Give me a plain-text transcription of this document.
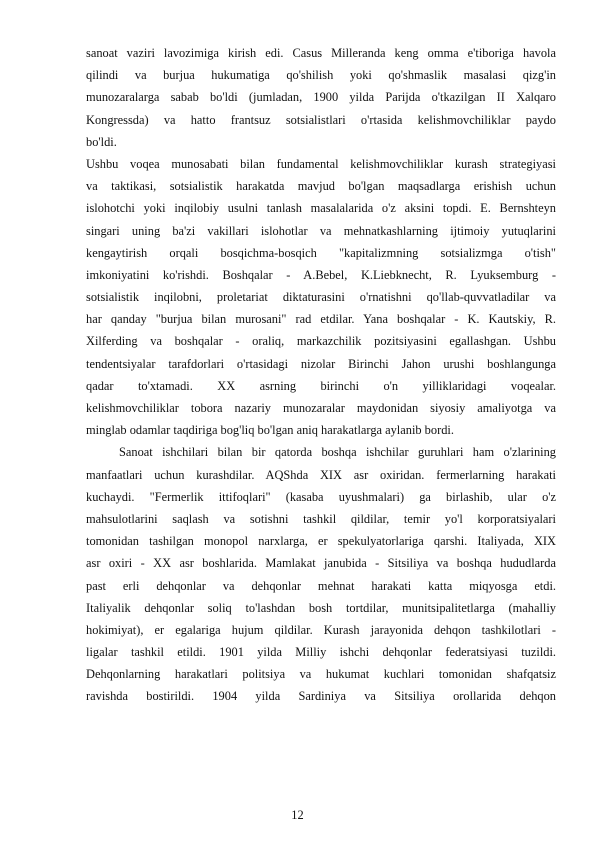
sanoat vaziri lavozimiga kirish edi. Casus Milleranda keng omma e'tiboriga havola
qilindi va burjua hukumatiga qo'shilish yoki qo'shmaslik masalasi qizg'in
munozaralarga sabab bo'ldi (jumladan, 1900 yilda Parijda o'tkazilgan II Xalqaro
Kongressda) va hatto frantsuz sotsialistlari o'rtasida kelishmovchiliklar paydo
bo'ldi.
Ushbu voqea munosabati bilan fundamental kelishmovchiliklar kurash strategiyasi
va taktikasi, sotsialistik harakatda mavjud bo'lgan maqsadlarga erishish uchun
islohotchi yoki inqilobiy usulni tanlash masalalarida o'z aksini topdi. E. Bernshteyn
singari uning ba'zi vakillari islohotlar va mehnatkashlarning ijtimoiy yutuqlarini
kengaytirish orqali bosqichma-bosqich "kapitalizmning sotsializmga o'tish"
imkoniyatini ko'rishdi. Boshqalar - A.Bebel, K.Liebknecht, R. Lyuksemburg -
sotsialistik inqilobni, proletariat diktaturasini o'rnatishni qo'llab-quvvatladilar va
har qanday "burjua bilan murosani" rad etdilar. Yana boshqalar - K. Kautskiy, R.
Xilferding va boshqalar - oraliq, markazchilik pozitsiyasini egallashgan. Ushbu
tendentsiyalar tarafdorlari o'rtasidagi nizolar Birinchi Jahon urushi boshlangunga
qadar to'xtamadi. XX asrning birinchi o'n yilliklaridagi voqealar.
kelishmovchiliklar tobora nazariy munozaralar maydonidan siyosiy amaliyotga va
minglab odamlar taqdiriga bog'liq bo'lgan aniq harakatlarga aylanib bordi.
Sanoat ishchilari bilan bir qatorda boshqa ishchilar guruhlari ham o'zlarining
manfaatlari uchun kurashdilar. AQShda XIX asr oxiridan. fermerlarning harakati
kuchaydi. "Fermerlik ittifoqlari" (kasaba uyushmalari) ga birlashib, ular o'z
mahsulotlarini saqlash va sotishni tashkil qildilar, temir yo'l korporatsiyalari
tomonidan tashilgan monopol narxlarga, er spekulyatorlariga qarshi. Italiyada, XIX
asr oxiri - XX asr boshlarida. Mamlakat janubida - Sitsiliya va boshqa hududlarda
past erli dehqonlar va dehqonlar mehnat harakati katta miqyosga etdi.
Italiyalik dehqonlar soliq to'lashdan bosh tortdilar, munitsipalitetlarga (mahalliy
hokimiyat), er egalariga hujum qildilar. Kurash jarayonida dehqon tashkilotlari -
ligalar tashkil etildi. 1901 yilda Milliy ishchi dehqonlar federatsiyasi tuzildi.
Dehqonlarning harakatlari politsiya va hukumat kuchlari tomonidan shafqatsiz
ravishda bostirildi. 1904 yilda Sardiniya va Sitsiliya orollarida dehqon
12
